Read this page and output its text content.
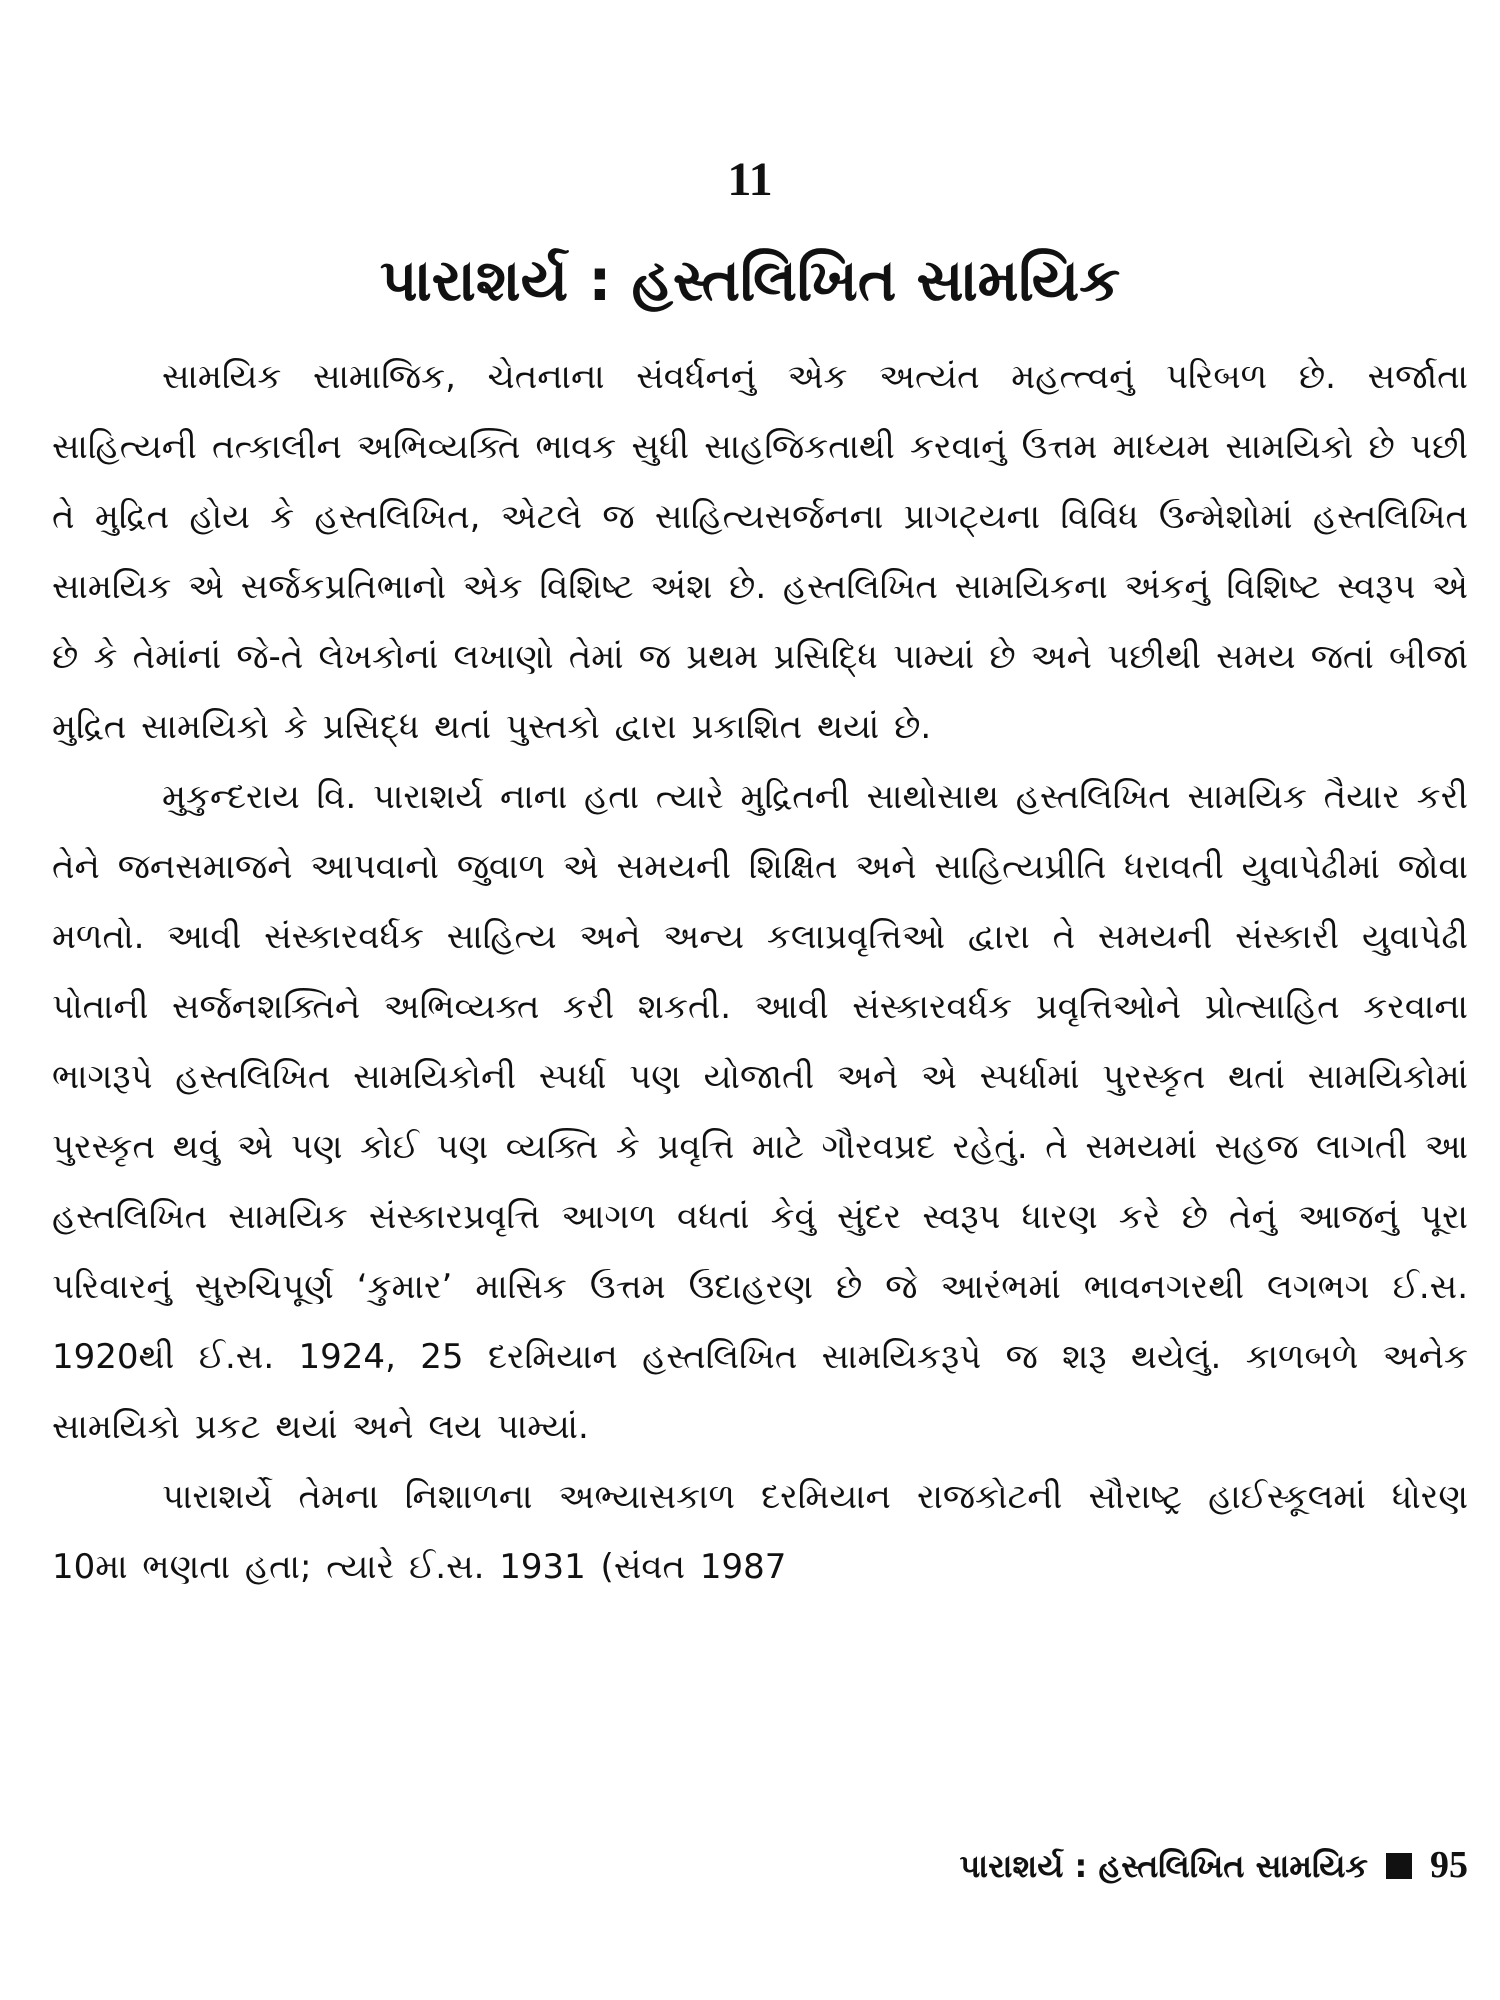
11
પારાશર્ય : હસ્તલિખિત સામયિક

સામયિક સામાજિક, ચેતનાના સંવર્ધનનું એક અત્યંત મહત્ત્વનું પરિબળ છે. સર્જાતા સાહિત્યની તત્કાલીન અભિવ્યક્તિ ભાવક સુધી સાહજિકતાથી કરવાનું ઉત્તમ માધ્યમ સામયિકો છે પછી તે મુદ્રિત હોય કે હસ્તલિખિત, એટલે જ સાહિત્યસર્જનના પ્રાગટ્યના વિવિધ ઉન્મેશોમાં હસ્તલિખિત સામયિક એ સર્જકપ્રતિભાનો એક વિશિષ્ટ અંશ છે. હસ્તલિખિત સામયિકના અંકનું વિશિષ્ટ સ્વરૂપ એ છે કે તેમાંનાં જે-તે લેખકોનાં લખાણો તેમાં જ પ્રથમ પ્રસિદ્ધિ પામ્યાં છે અને પછીથી સમય જતાં બીજાં મુદ્રિત સામયિકો કે પ્રસિદ્ધ થતાં પુસ્તકો દ્વારા પ્રકાશિત થયાં છે.

મુકુન્દરાય વિ. પારાશર્ય નાના હતા ત્યારે મુદ્રિતની સાથોસાથ હસ્તલિખિત સામયિક તૈયાર કરી તેને જનસમાજને આપવાનો જુવાળ એ સમયની શિક્ષિત અને સાહિત્યપ્રીતિ ધરાવતી યુવાપેઢીમાં જોવા મળતો. આવી સંસ્કારવર્ધક સાહિત્ય અને અન્ય કલાપ્રવૃત્તિઓ દ્વારા તે સમયની સંસ્કારી યુવાપેઢી પોતાની સર્જનશક્તિને અભિવ્યક્ત કરી શકતી. આવી સંસ્કારવર્ધક પ્રવૃત્તિઓને પ્રોત્સાહિત કરવાના ભાગરૂપે હસ્તલિખિત સામયિકોની સ્પર્ધા પણ યોજાતી અને એ સ્પર્ધામાં પુરસ્કૃત થતાં સામયિકોમાં પુરસ્કૃત થવું એ પણ કોઈ પણ વ્યક્તિ કે પ્રવૃત્તિ માટે ગૌરવપ્રદ રહેતું. તે સમયમાં સહજ લાગતી આ હસ્તલિખિત સામયિક સંસ્કારપ્રવૃત્તિ આગળ વધતાં કેવું સુંદર સ્વરૂપ ધારણ કરે છે તેનું આજનું પૂરા પરિવારનું સુરુચિપૂર્ણ ‘કુમાર’ માસિક ઉત્તમ ઉદાહરણ છે જે આરંભમાં ભાવનગરથી લગભગ ઈ.સ. 1920થી ઈ.સ. 1924, 25 દરમિયાન હસ્તલિખિત સામયિકરૂપે જ શરૂ થયેલું. કાળબળે અનેક સામયિકો પ્રકટ થયાં અને લય પામ્યાં.

પારાશર્યે તેમના નિશાળના અભ્યાસકાળ દરમિયાન રાજકોટની સૌરાષ્ટ્ર હાઈસ્કૂલમાં ધોરણ 10મા ભણતા હતા; ત્યારે ઈ.સ. 1931 (સંવત 1987

પારાશર્ય : હસ્તલિખિત સામયિક 95
